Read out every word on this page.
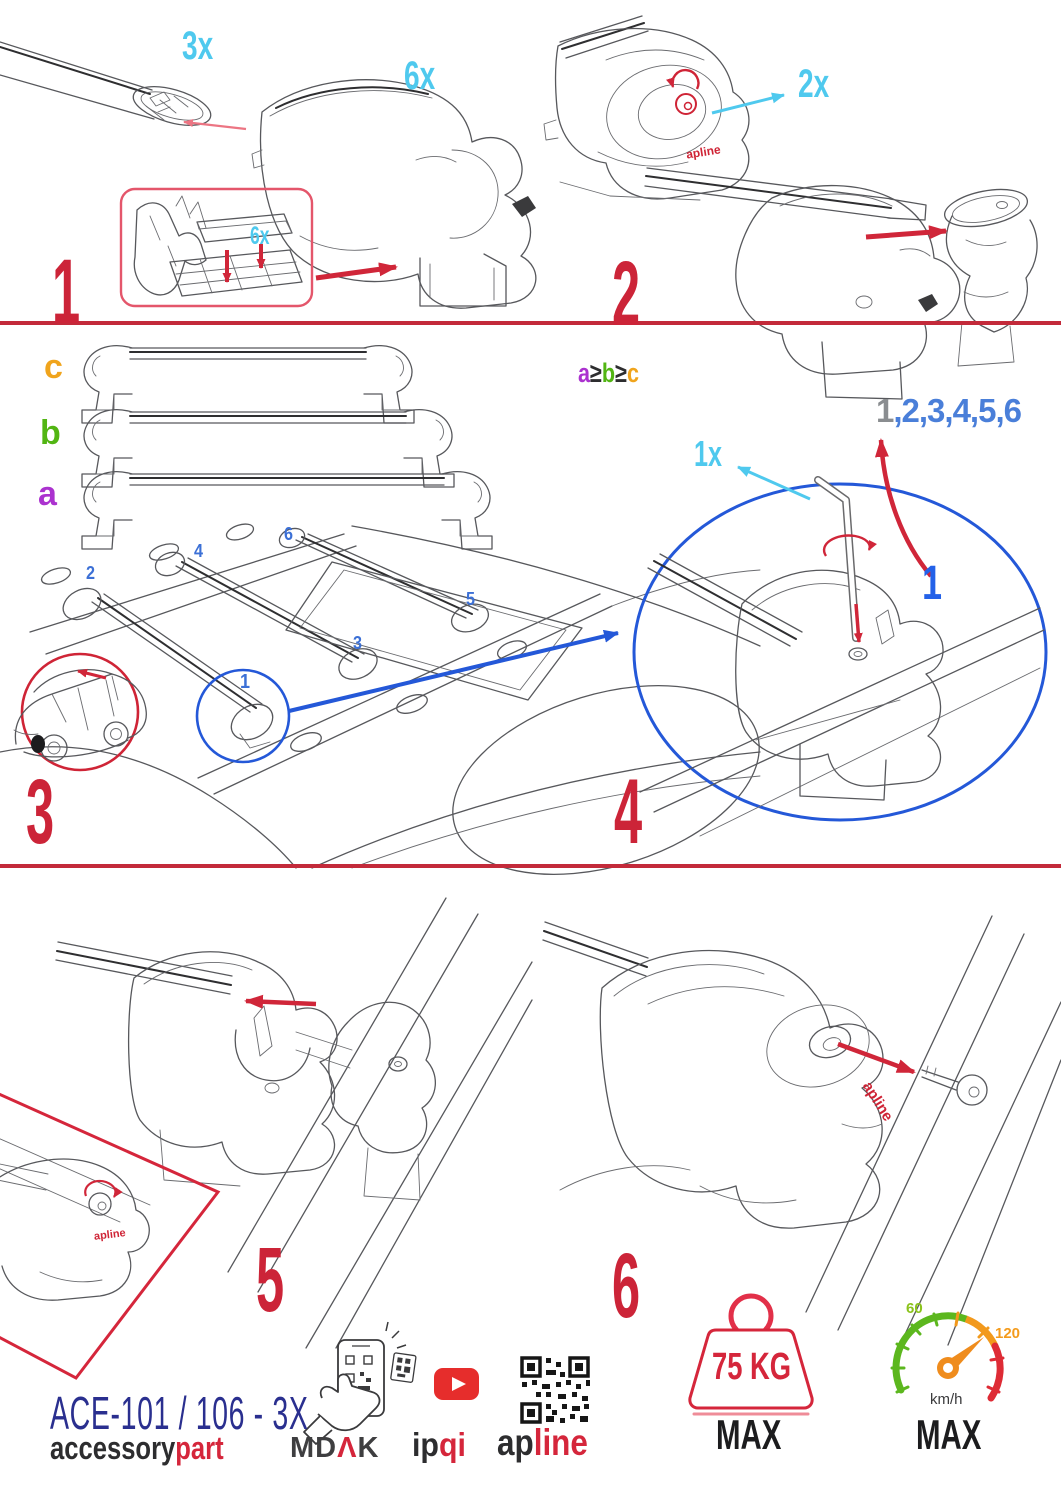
1	2
3	4
5	6
3x
6x
6x
2x
1x
c
b
a
2
4
6
3
5
1
a≥b≥c
1,2,3,4,5,6
1
apline
apline
apline
ACE-101 / 106 - 3X
accessorypart MDΛK ipqi apline
75 KG
MAX
60
120
km/h
MAX
